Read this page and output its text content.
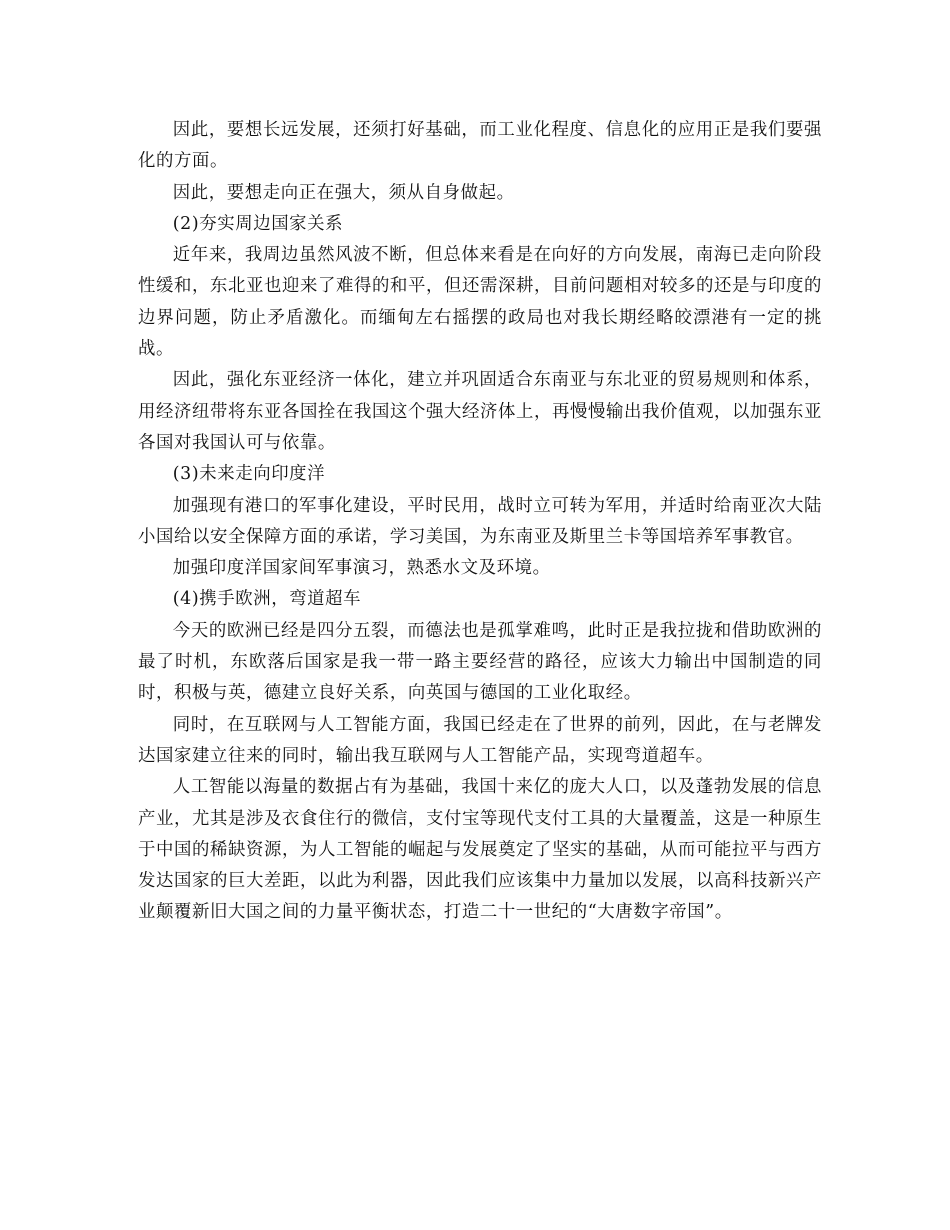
因此，要想长远发展，还须打好基础，而工业化程度、信息化的应用正是我们要强化的方面。

因此，要想走向正在强大，须从自身做起。

(2)夯实周边国家关系

近年来，我周边虽然风波不断，但总体来看是在向好的方向发展，南海已走向阶段性缓和，东北亚也迎来了难得的和平，但还需深耕，目前问题相对较多的还是与印度的边界问题，防止矛盾激化。而缅甸左右摇摆的政局也对我长期经略皎漂港有一定的挑战。

因此，强化东亚经济一体化，建立并巩固适合东南亚与东北亚的贸易规则和体系，用经济纽带将东亚各国拴在我国这个强大经济体上，再慢慢输出我价值观，以加强东亚各国对我国认可与依靠。

(3)未来走向印度洋

加强现有港口的军事化建设，平时民用，战时立可转为军用，并适时给南亚次大陆小国给以安全保障方面的承诺，学习美国，为东南亚及斯里兰卡等国培养军事教官。

加强印度洋国家间军事演习，熟悉水文及环境。

(4)携手欧洲，弯道超车

今天的欧洲已经是四分五裂，而德法也是孤掌难鸣，此时正是我拉拢和借助欧洲的最了时机，东欧落后国家是我一带一路主要经营的路径，应该大力输出中国制造的同时，积极与英，德建立良好关系，向英国与德国的工业化取经。

同时，在互联网与人工智能方面，我国已经走在了世界的前列，因此，在与老牌发达国家建立往来的同时，输出我互联网与人工智能产品，实现弯道超车。

人工智能以海量的数据占有为基础，我国十来亿的庞大人口，以及蓬勃发展的信息产业，尤其是涉及衣食住行的微信，支付宝等现代支付工具的大量覆盖，这是一种原生于中国的稀缺资源，为人工智能的崛起与发展奠定了坚实的基础，从而可能拉平与西方发达国家的巨大差距，以此为利器，因此我们应该集中力量加以发展，以高科技新兴产业颠覆新旧大国之间的力量平衡状态，打造二十一世纪的“大唐数字帝国”。
